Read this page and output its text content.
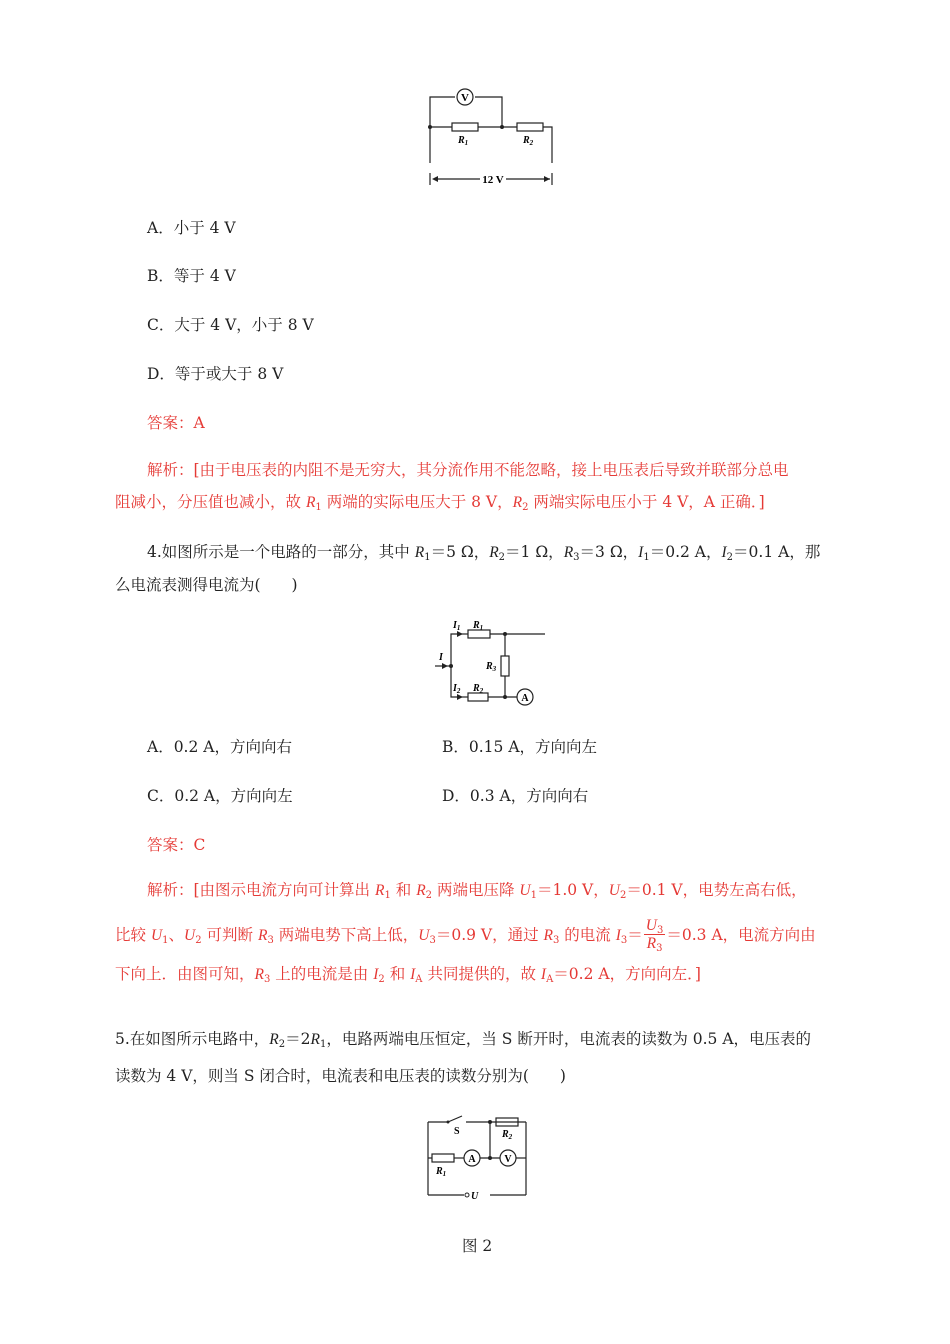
V
$R_1$	$R_2$
12 V
A．小于 4 V
B．等于 4 V
C．大于 4 V，小于 8 V
D．等于或大于 8 V
答案：A
解析：[由于电压表的内阻不是无穷大，其分流作用不能忽略，接上电压表后导致并联部分总电
阻减小，分压值也减小，故 $R_1$ 两端的实际电压大于 8 V，$R_2$ 两端实际电压小于 4 V，A 正确．]
4.如图所示是一个电路的一部分，其中 $R_1=5$ Ω，$R_2=1$ Ω，$R_3=3$ Ω，$I_1=0.2$ A，$I_2=0.1$ A，那
么电流表测得电流为(　　)
$I_1$ $R_1$
I
$R_3$
$I_2$ $R_2$
A
A．0.2 A，方向向右	B．0.15 A，方向向左
C．0.2 A，方向向左	D．0.3 A，方向向右
答案：C
解析：[由图示电流方向可计算出 $R_1$ 和 $R_2$ 两端电压降 $U_1=1.0$ V，$U_2=0.1$ V，电势左高右低，
比较 $U_1$、$U_2$ 可判断 $R_3$ 两端电势下高上低，$U_3=0.9$ V，通过 $R_3$ 的电流 $I_3= \frac{U_3}{R_3} =0.3$ A，电流方向由
下向上．由图可知，$R_3$ 上的电流是由 $I_2$ 和 $I_A$ 共同提供的，故 $I_A=0.2$ A，方向向左．]
5.在如图所示电路中，$R_2=2R_1$，电路两端电压恒定，当 S 断开时，电流表的读数为 0.5 A，电压表的
读数为 4 V，则当 S 闭合时，电流表和电压表的读数分别为(　　)
S	$R_2$
$R_1$
A	V
U
图 2
